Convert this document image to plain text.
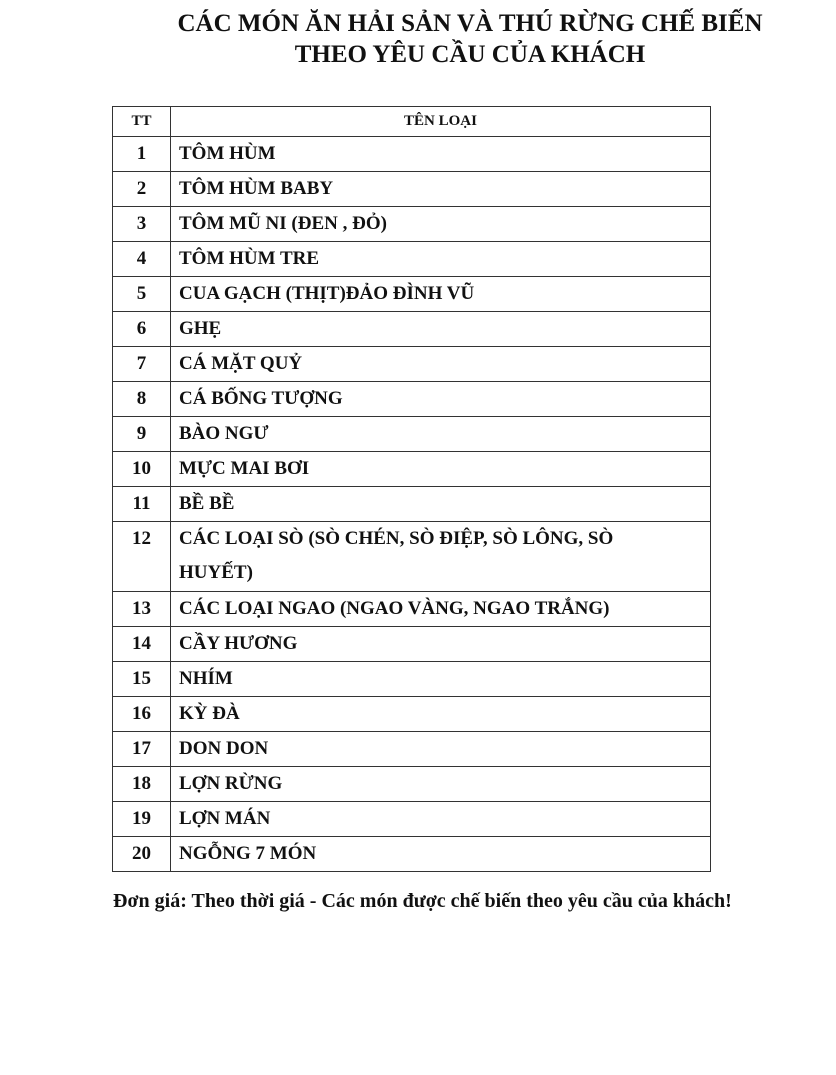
CÁC MÓN ĂN HẢI SẢN VÀ THÚ RỪNG CHẾ BIẾN
THEO YÊU CẦU CỦA KHÁCH
TT	TÊN LOẠI
1	TÔM HÙM
2	TÔM HÙM BABY
3	TÔM MŨ NI (ĐEN , ĐỎ)
4	TÔM HÙM TRE
5	CUA GẠCH (THỊT)ĐẢO ĐÌNH VŨ
6	GHẸ
7	CÁ MẶT QUỶ
8	CÁ BỐNG TƯỢNG
9	BÀO NGƯ
10	MỰC MAI BƠI
11	BỀ BỀ
12	CÁC LOẠI SÒ (SÒ CHÉN, SÒ ĐIỆP, SÒ LÔNG, SÒ HUYẾT)
13	CÁC LOẠI NGAO (NGAO VÀNG, NGAO TRẮNG)
14	CẦY HƯƠNG
15	NHÍM
16	KỲ ĐÀ
17	DON DON
18	LỢN RỪNG
19	LỢN MÁN
20	NGỖNG 7 MÓN
Đơn giá: Theo thời giá - Các món được chế biến theo yêu cầu của khách!
